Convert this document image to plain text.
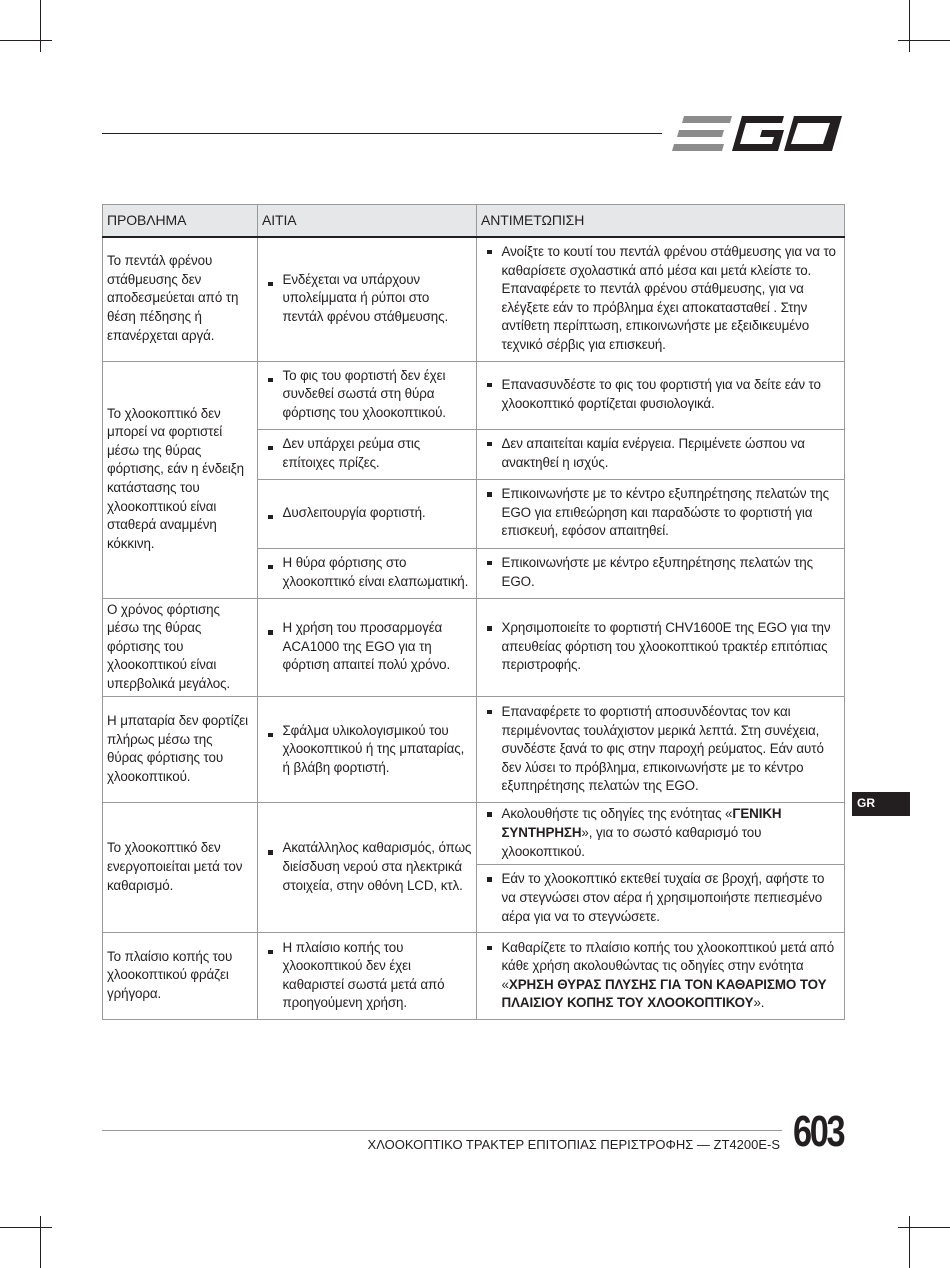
ΠΡΟΒΛΗΜΑ	ΑΙΤΙΑ	ΑΝΤΙΜΕΤΩΠΙΣΗ
Το πεντάλ φρένου στάθμευσης δεν αποδεσμεύεται από τη θέση πέδησης ή επανέρχεται αργά.	Ενδέχεται να υπάρχουν υπολείμματα ή ρύποι στο πεντάλ φρένου στάθμευσης.	Ανοίξτε το κουτί του πεντάλ φρένου στάθμευσης για να το καθαρίσετε σχολαστικά από μέσα και μετά κλείστε το. Επαναφέρετε το πεντάλ φρένου στάθμευσης, για να ελέγξετε εάν το πρόβλημα έχει αποκατασταθεί . Στην αντίθετη περίπτωση, επικοινωνήστε με εξειδικευμένο τεχνικό σέρβις για επισκευή.

Το χλοοκοπτικό δεν μπορεί να φορτιστεί μέσω της θύρας φόρτισης, εάν η ένδειξη κατάστασης του χλοοκοπτικού είναι σταθερά αναμμένη κόκκινη.	Το φις του φορτιστή δεν έχει συνδεθεί σωστά στη θύρα φόρτισης του χλοοκοπτικού.	Επανασυνδέστε το φις του φορτιστή για να δείτε εάν το χλοοκοπτικό φορτίζεται φυσιολογικά.

	Δεν υπάρχει ρεύμα στις επίτοιχες πρίζες.	Δεν απαιτείται καμία ενέργεια. Περιμένετε ώσπου να ανακτηθεί η ισχύς.

	Δυσλειτουργία φορτιστή.	Επικοινωνήστε με το κέντρο εξυπηρέτησης πελατών της EGO για επιθεώρηση και παραδώστε το φορτιστή για επισκευή, εφόσον απαιτηθεί.

	Η θύρα φόρτισης στο χλοοκοπτικό είναι ελαπωματική.	Επικοινωνήστε με κέντρο εξυπηρέτησης πελατών της EGO.

Ο χρόνος φόρτισης μέσω της θύρας φόρτισης του χλοοκοπτικού είναι υπερβολικά μεγάλος.	Η χρήση του προσαρμογέα ACA1000 της EGO για τη φόρτιση απαιτεί πολύ χρόνο.	Χρησιμοποιείτε το φορτιστή CHV1600E της EGO για την απευθείας φόρτιση του χλοοκοπτικού τρακτέρ επιτόπιας περιστροφής.

Η μπαταρία δεν φορτίζει πλήρως μέσω της θύρας φόρτισης του χλοοκοπτικού.	Σφάλμα υλικολογισμικού του χλοοκοπτικού ή της μπαταρίας, ή βλάβη φορτιστή.	Επαναφέρετε το φορτιστή αποσυνδέοντας τον και περιμένοντας τουλάχιστον μερικά λεπτά. Στη συνέχεια, συνδέστε ξανά το φις στην παροχή ρεύματος. Εάν αυτό δεν λύσει το πρόβλημα, επικοινωνήστε με το κέντρο εξυπηρέτησης πελατών της EGO.

Το χλοοκοπτικό δεν ενεργοποιείται μετά τον καθαρισμό.	Ακατάλληλος καθαρισμός, όπως διείσδυση νερού στα ηλεκτρικά στοιχεία, στην οθόνη LCD, κτλ.	Ακολουθήστε τις οδηγίες της ενότητας «ΓΕΝΙΚΗ ΣΥΝΤΗΡΗΣΗ», για το σωστό καθαρισμό του χλοοκοπτικού.

		Εάν το χλοοκοπτικό εκτεθεί τυχαία σε βροχή, αφήστε το να στεγνώσει στον αέρα ή χρησιμοποιήστε πεπιεσμένο αέρα για να το στεγνώσετε.

Το πλαίσιο κοπής του χλοοκοπτικού φράζει γρήγορα.	Η πλαίσιο κοπής του χλοοκοπτικού δεν έχει καθαριστεί σωστά μετά από προηγούμενη χρήση.	Καθαρίζετε το πλαίσιο κοπής του χλοοκοπτικού μετά από κάθε χρήση ακολουθώντας τις οδηγίες στην ενότητα «ΧΡΗΣΗ ΘΥΡΑΣ ΠΛΥΣΗΣ ΓΙΑ ΤΟΝ ΚΑΘΑΡΙΣΜΟ ΤΟΥ ΠΛΑΙΣΙΟΥ ΚΟΠΗΣ ΤΟΥ ΧΛΟΟΚΟΠΤΙΚΟΥ».
GR
ΧΛΟΟΚΟΠΤΙΚΟ ΤΡΑΚΤΕΡ ΕΠΙΤΟΠΙΑΣ ΠΕΡΙΣΤΡΟΦΗΣ — ZT4200E-S 603
